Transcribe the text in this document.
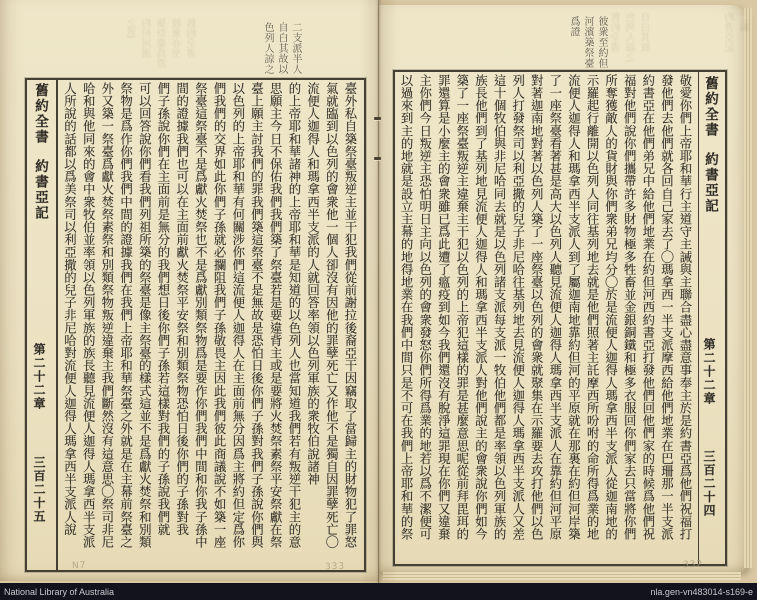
舊約全書約書亞記
第二十二章
三百二十四
彼衆至約但
河濱築祭臺
爲證
敬愛你們上帝耶和華行主道守主誡與主聯合盡心盡意事奉主於是約書亞爲他們祝福打
發他們去他們就各回自己家去了◯瑪拿西一半支派摩西給他們地業在巴珊那一半支派
約書亞在他們弟兄中給他們地業在約但河西約書亞打發他們回他們家的時候爲他們祝
福對他們說你們攜帶許多財物極多牲畜並金銀銅鐵和極多衣服回你們家去只當將你們
所奪獲敵人的貨財與你們衆弟兄均分◯於是流便人迦得人瑪拿西半支派人從迦南地的
示羅起行離開以色列人同往基列地去就是他們照著主託摩西所吩咐的命所得爲業的地
流便人迦得人和瑪拿西半支派人到了屬迦南地靠約但河的平原就在那裏在約但河岸築
了一座祭臺看著甚是高大以色列人聽見流便人迦得人瑪拿西半支派人在靠約但河平原
對著迦南地對著以色列人築了一座祭臺以色列的會衆就聚集在示羅要去攻打他們以色
列人打發祭司以利亞撒的兒子非尼哈往基列地去見流便人迦得人瑪拿西半支派人又差
這十個牧伯與非尼哈同去就是以色列諸支派每支派一牧伯他們都是率領以色列軍族的
族長他們到了基列地見流便人迦得人和瑪拿西半支派人對他們說主的會衆說你們如今
築了一座祭臺叛逆主違棄主干犯以色列的上帝犯這樣的罪是甚麼意思呢從前拜毘珥的
罪還算是小麼主的會衆雖已爲此遭了瘟疫到如今我們還沒有脫淨這罪現在你們又違棄
主你們今日叛逆主恐怕明日主向以色列的會衆發怒你們所得爲業的地若以爲不潔便可
以過來到主的地就是設立主幕的地得地業在我們中間只是不可在我們上帝耶和華的祭
舊約全書 色列人諒之 自白其故	約書亞記 二編
舊約全書約書亞記
第二十二章
三百二十五
二支派半人
自白其故以
色列人諒之
臺外私自築祭臺叛逆主並干犯我們從前謝拉後裔亞干因竊取了當歸主的財物犯了罪怒
氣就臨到以色列的會衆他一個人卻沒有因他的罪孽死亡又作他不是獨自因罪孽死亡◯
流便人迦得人和瑪拿西半支派的人就回答率領以色列軍族的衆牧伯說諸神
的上帝耶和華諸神的上帝耶和華是知道的以色列人也當知道我們若有叛逆干犯主的意
思願主今日不保佑我們我們築了祭臺若是要違背主或是要將火焚祭素祭平安祭獻在祭
臺上願主討我們的罪我們築這祭臺不是無故是恐怕日後你們子孫對我們子孫說你們與
以色列的上帝耶和華有何關涉你們這流便人迦得人在主面前無分因爲主將約但定爲你
們我們的交界如此你們子孫就必攔阻我們子孫敬畏主因此我們彼此商議說不如築一座
祭臺這祭臺不是爲獻火焚祭也不是爲獻別類祭物爲是要作你們我們中間和你我子孫中
間的證據我們也可以在主面前獻火焚祭平安祭和別類祭物恐怕日後你們的子孫對我
們子孫說你們在主面前是無分的我們想日後你們子孫若這樣對我們的子孫說我們就
可以回答說你們看我們列祖所築的祭臺是像主祭臺的樣式這並不是爲獻火焚祭和別類
祭物是爲作你們我們中間的證據我們在我們上帝耶和華祭臺之外就是在主幕前祭臺之
外又築一祭臺爲獻火焚祭素祭和別類祭物叛逆違棄主我們斷然沒有這意思◯祭司非尼
哈和與他同來的會中衆牧伯並率領以色列軍族的族長聽見流便人迦得人瑪拿西半支派
人所說的話都以爲美祭司以利亞撒的兒子非尼哈對流便人迦得人瑪拿西半支派人說
之恩 約但河濱 築祭臺爲證 彼衆亦至 舊約全書
N7	333	332
National Library of Australia	nla.gen-vn483014-s169-e
